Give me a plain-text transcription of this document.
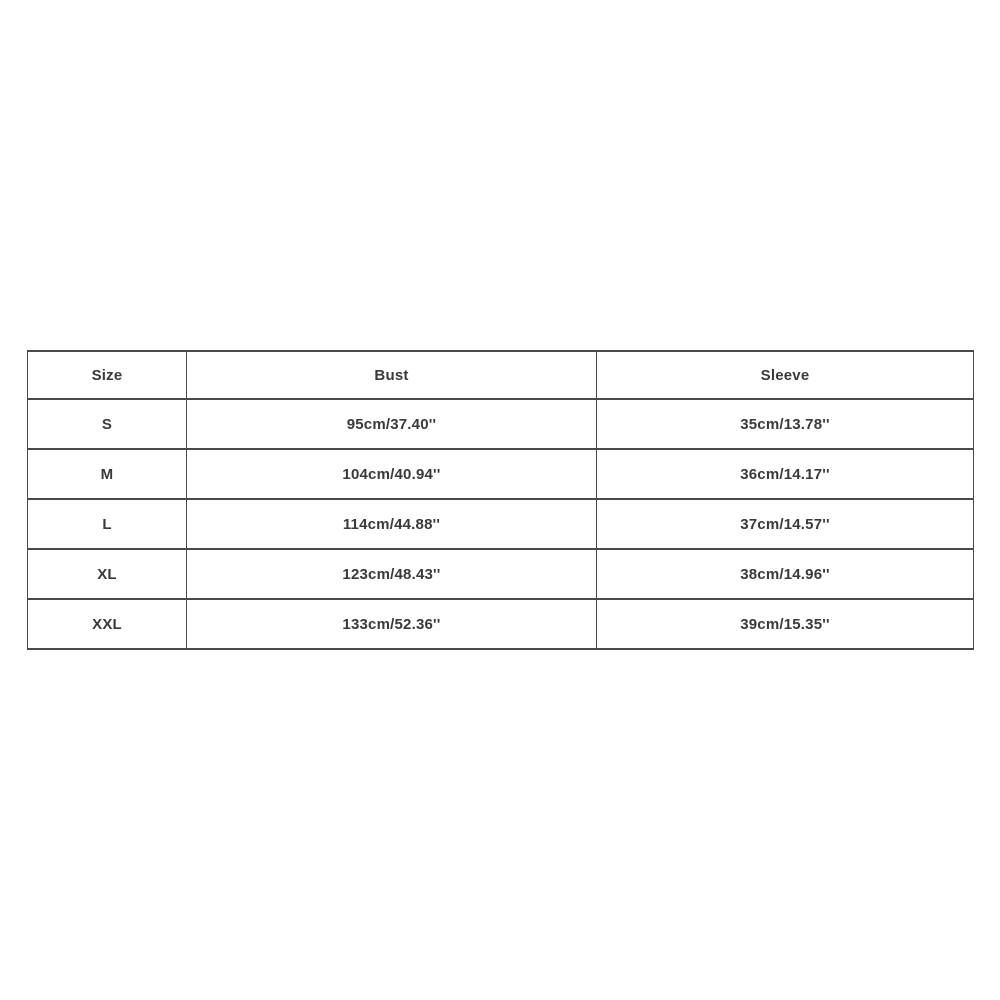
Size	Bust	Sleeve
S	95cm/37.40''	35cm/13.78''
M	104cm/40.94''	36cm/14.17''
L	114cm/44.88''	37cm/14.57''
XL	123cm/48.43''	38cm/14.96''
XXL	133cm/52.36''	39cm/15.35''
